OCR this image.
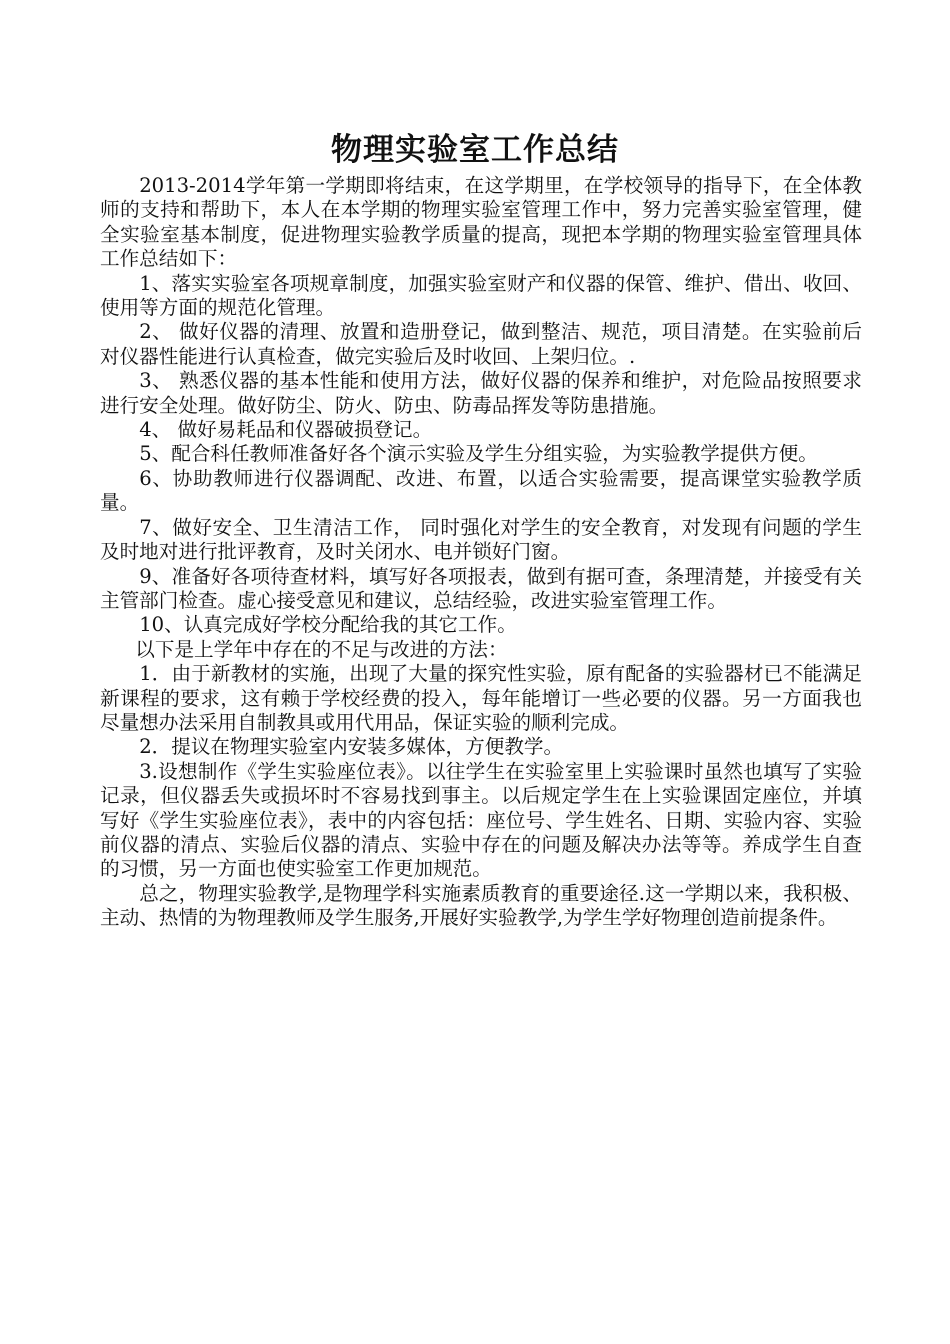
物理实验室工作总结

2013-2014学年第一学期即将结束，在这学期里，在学校领导的指导下，在全体教师的支持和帮助下，本人在本学期的物理实验室管理工作中，努力完善实验室管理，健全实验室基本制度，促进物理实验教学质量的提高，现把本学期的物理实验室管理具体工作总结如下：

1、落实实验室各项规章制度，加强实验室财产和仪器的保管、维护、借出、收回、使用等方面的规范化管理。

2、 做好仪器的清理、放置和造册登记，做到整洁、规范，项目清楚。在实验前后对仪器性能进行认真检查，做完实验后及时收回、上架归位。.

3、 熟悉仪器的基本性能和使用方法，做好仪器的保养和维护，对危险品按照要求进行安全处理。做好防尘、防火、防虫、防毒品挥发等防患措施。

4、 做好易耗品和仪器破损登记。

5、配合科任教师准备好各个演示实验及学生分组实验，为实验教学提供方便。

6、协助教师进行仪器调配、改进、布置，以适合实验需要，提高课堂实验教学质量。

7、做好安全、卫生清洁工作， 同时强化对学生的安全教育，对发现有问题的学生及时地对进行批评教育，及时关闭水、电并锁好门窗。

9、准备好各项待查材料，填写好各项报表，做到有据可查，条理清楚，并接受有关主管部门检查。虚心接受意见和建议，总结经验，改进实验室管理工作。

10、认真完成好学校分配给我的其它工作。

以下是上学年中存在的不足与改进的方法：

1．由于新教材的实施，出现了大量的探究性实验，原有配备的实验器材已不能满足新课程的要求，这有赖于学校经费的投入，每年能增订一些必要的仪器。另一方面我也尽量想办法采用自制教具或用代用品，保证实验的顺利完成。

2．提议在物理实验室内安装多媒体，方便教学。

3.设想制作《学生实验座位表》。以往学生在实验室里上实验课时虽然也填写了实验记录，但仪器丢失或损坏时不容易找到事主。以后规定学生在上实验课固定座位，并填写好《学生实验座位表》，表中的内容包括：座位号、学生姓名、日期、实验内容、实验前仪器的清点、实验后仪器的清点、实验中存在的问题及解决办法等等。养成学生自查的习惯，另一方面也使实验室工作更加规范。

总之，物理实验教学,是物理学科实施素质教育的重要途径.这一学期以来，我积极、主动、热情的为物理教师及学生服务,开展好实验教学,为学生学好物理创造前提条件。
